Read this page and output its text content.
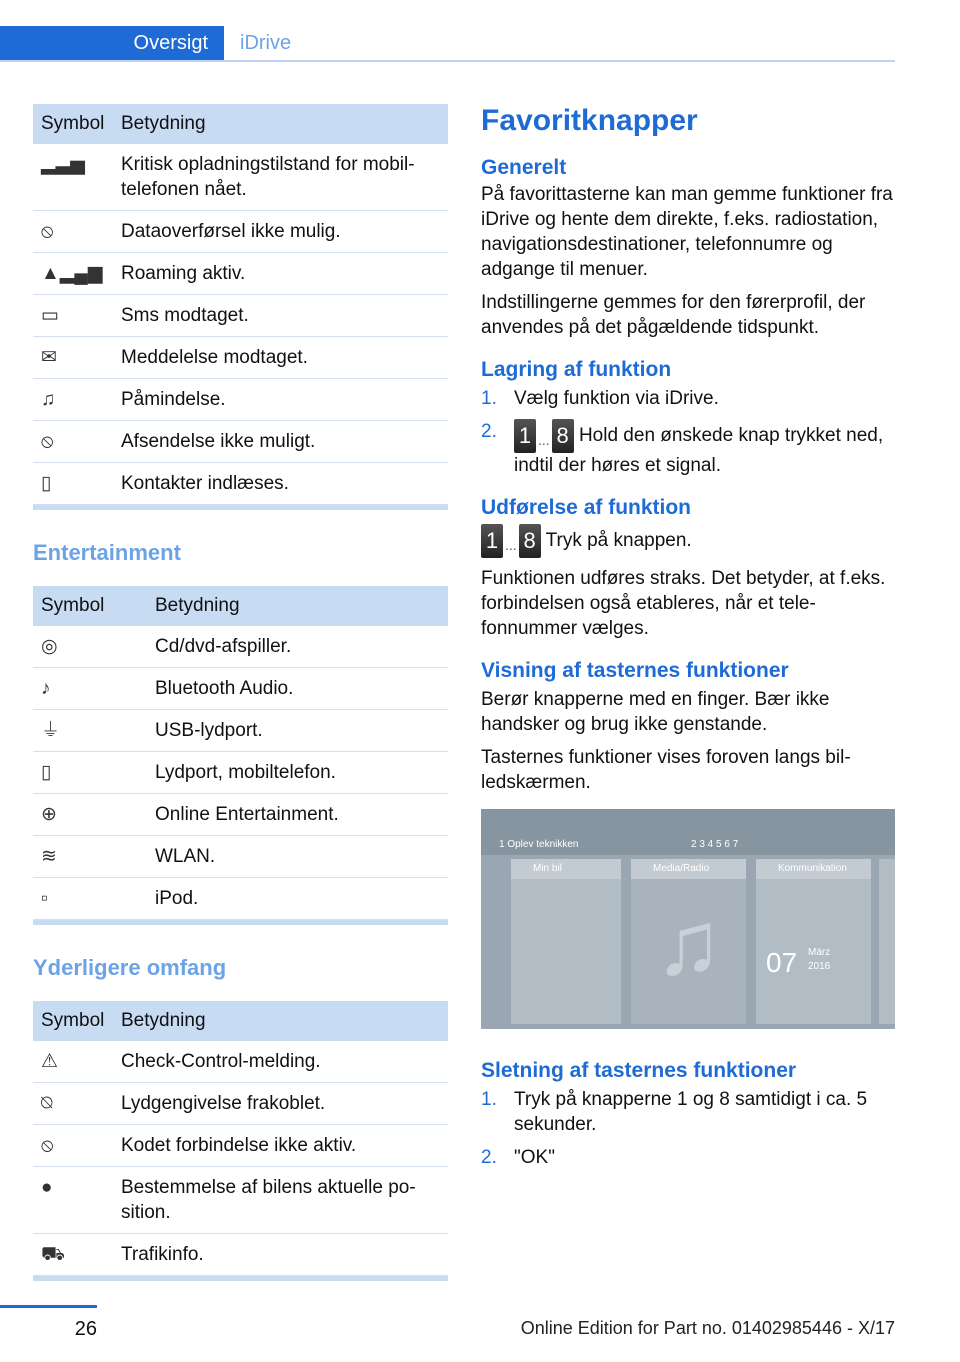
Oversigt	iDrive
Symbol	Betydning
▂▃▅	Kritisk opladningstilstand for mobiltelefonen nået.
⦸	Dataoverførsel ikke mulig.
▲▂▄▆	Roaming aktiv.
▭	Sms modtaget.
✉	Meddelelse modtaget.
♫	Påmindelse.
⦸	Afsendelse ikke muligt.
▯	Kontakter indlæses.
Entertainment
Symbol	Betydning
◎	Cd/dvd-afspiller.
♪	Bluetooth Audio.
⏚	USB-lydport.
▯	Lydport, mobiltelefon.
⊕	Online Entertainment.
≋	WLAN.
▫	iPod.
Yderligere omfang
Symbol	Betydning
⚠	Check-Control-melding.
⍉	Lydgengivelse frakoblet.
⦸	Kodet forbindelse ikke aktiv.
●	Bestemmelse af bilens aktuelle position.
⛟	Trafikinfo.
Favoritknapper
Generelt

På favorittasterne kan man gemme funktioner fra iDrive og hente dem direkte, f.eks. radiostation, navigationsdestinationer, telefonnumre og adgange til menuer.

Indstillingerne gemmes for den førerprofil, der anvendes på det pågældende tidspunkt.

Lagring af funktion
1. Vælg funktion via iDrive.
2.	1 ... 8 Hold den ønskede knap trykket ned, indtil der høres et signal.
Udførelse af funktion

1 ... 8 Tryk på knappen.

Funktionen udføres straks. Det betyder, at f.eks. forbindelsen også etableres, når et telefonnummer vælges.

Visning af tasternes funktioner

Berør knapperne med en finger. Bær ikke handsker og brug ikke genstande.

Tasternes funktioner vises foroven langs billedskærmen.

1 Oplev teknikken	2 3 4 5 6 7
Min bil	Media/Radio
♫
Kommunikation
07 März
2016
Sletning af tasternes funktioner
1. Tryk på knapperne 1 og 8 samtidigt i ca. 5 sekunder.
2. "OK"
26	Online Edition for Part no. 01402985446 - X/17
